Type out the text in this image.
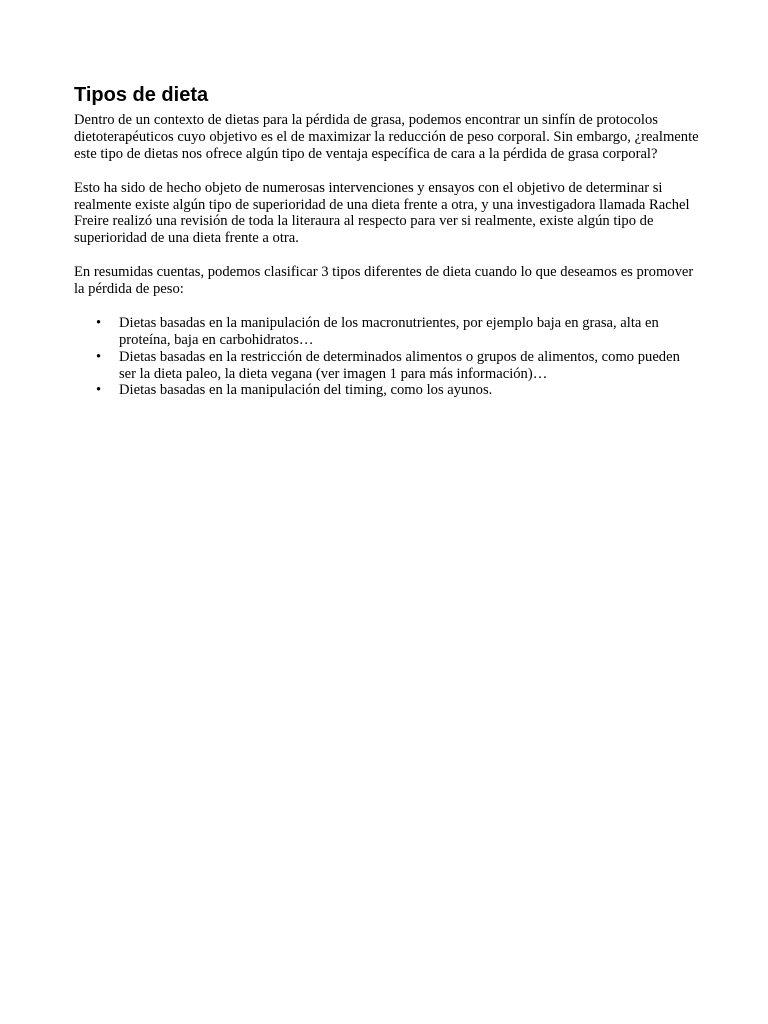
Tipos de dieta

Dentro de un contexto de dietas para la pérdida de grasa, podemos encontrar un sinfín de protocolos dietoterapéuticos cuyo objetivo es el de maximizar la reducción de peso corporal. Sin embargo, ¿realmente este tipo de dietas nos ofrece algún tipo de ventaja específica de cara a la pérdida de grasa corporal?

Esto ha sido de hecho objeto de numerosas intervenciones y ensayos con el objetivo de determinar si realmente existe algún tipo de superioridad de una dieta frente a otra, y una investigadora llamada Rachel Freire realizó una revisión de toda la literaura al respecto para ver si realmente, existe algún tipo de superioridad de una dieta frente a otra.

En resumidas cuentas, podemos clasificar 3 tipos diferentes de dieta cuando lo que deseamos es promover la pérdida de peso:

• Dietas basadas en la manipulación de los macronutrientes, por ejemplo baja en grasa, alta en proteína, baja en carbohidratos…
• Dietas basadas en la restricción de determinados alimentos o grupos de alimentos, como pueden ser la dieta paleo, la dieta vegana (ver imagen 1 para más información)…
• Dietas basadas en la manipulación del timing, como los ayunos.
